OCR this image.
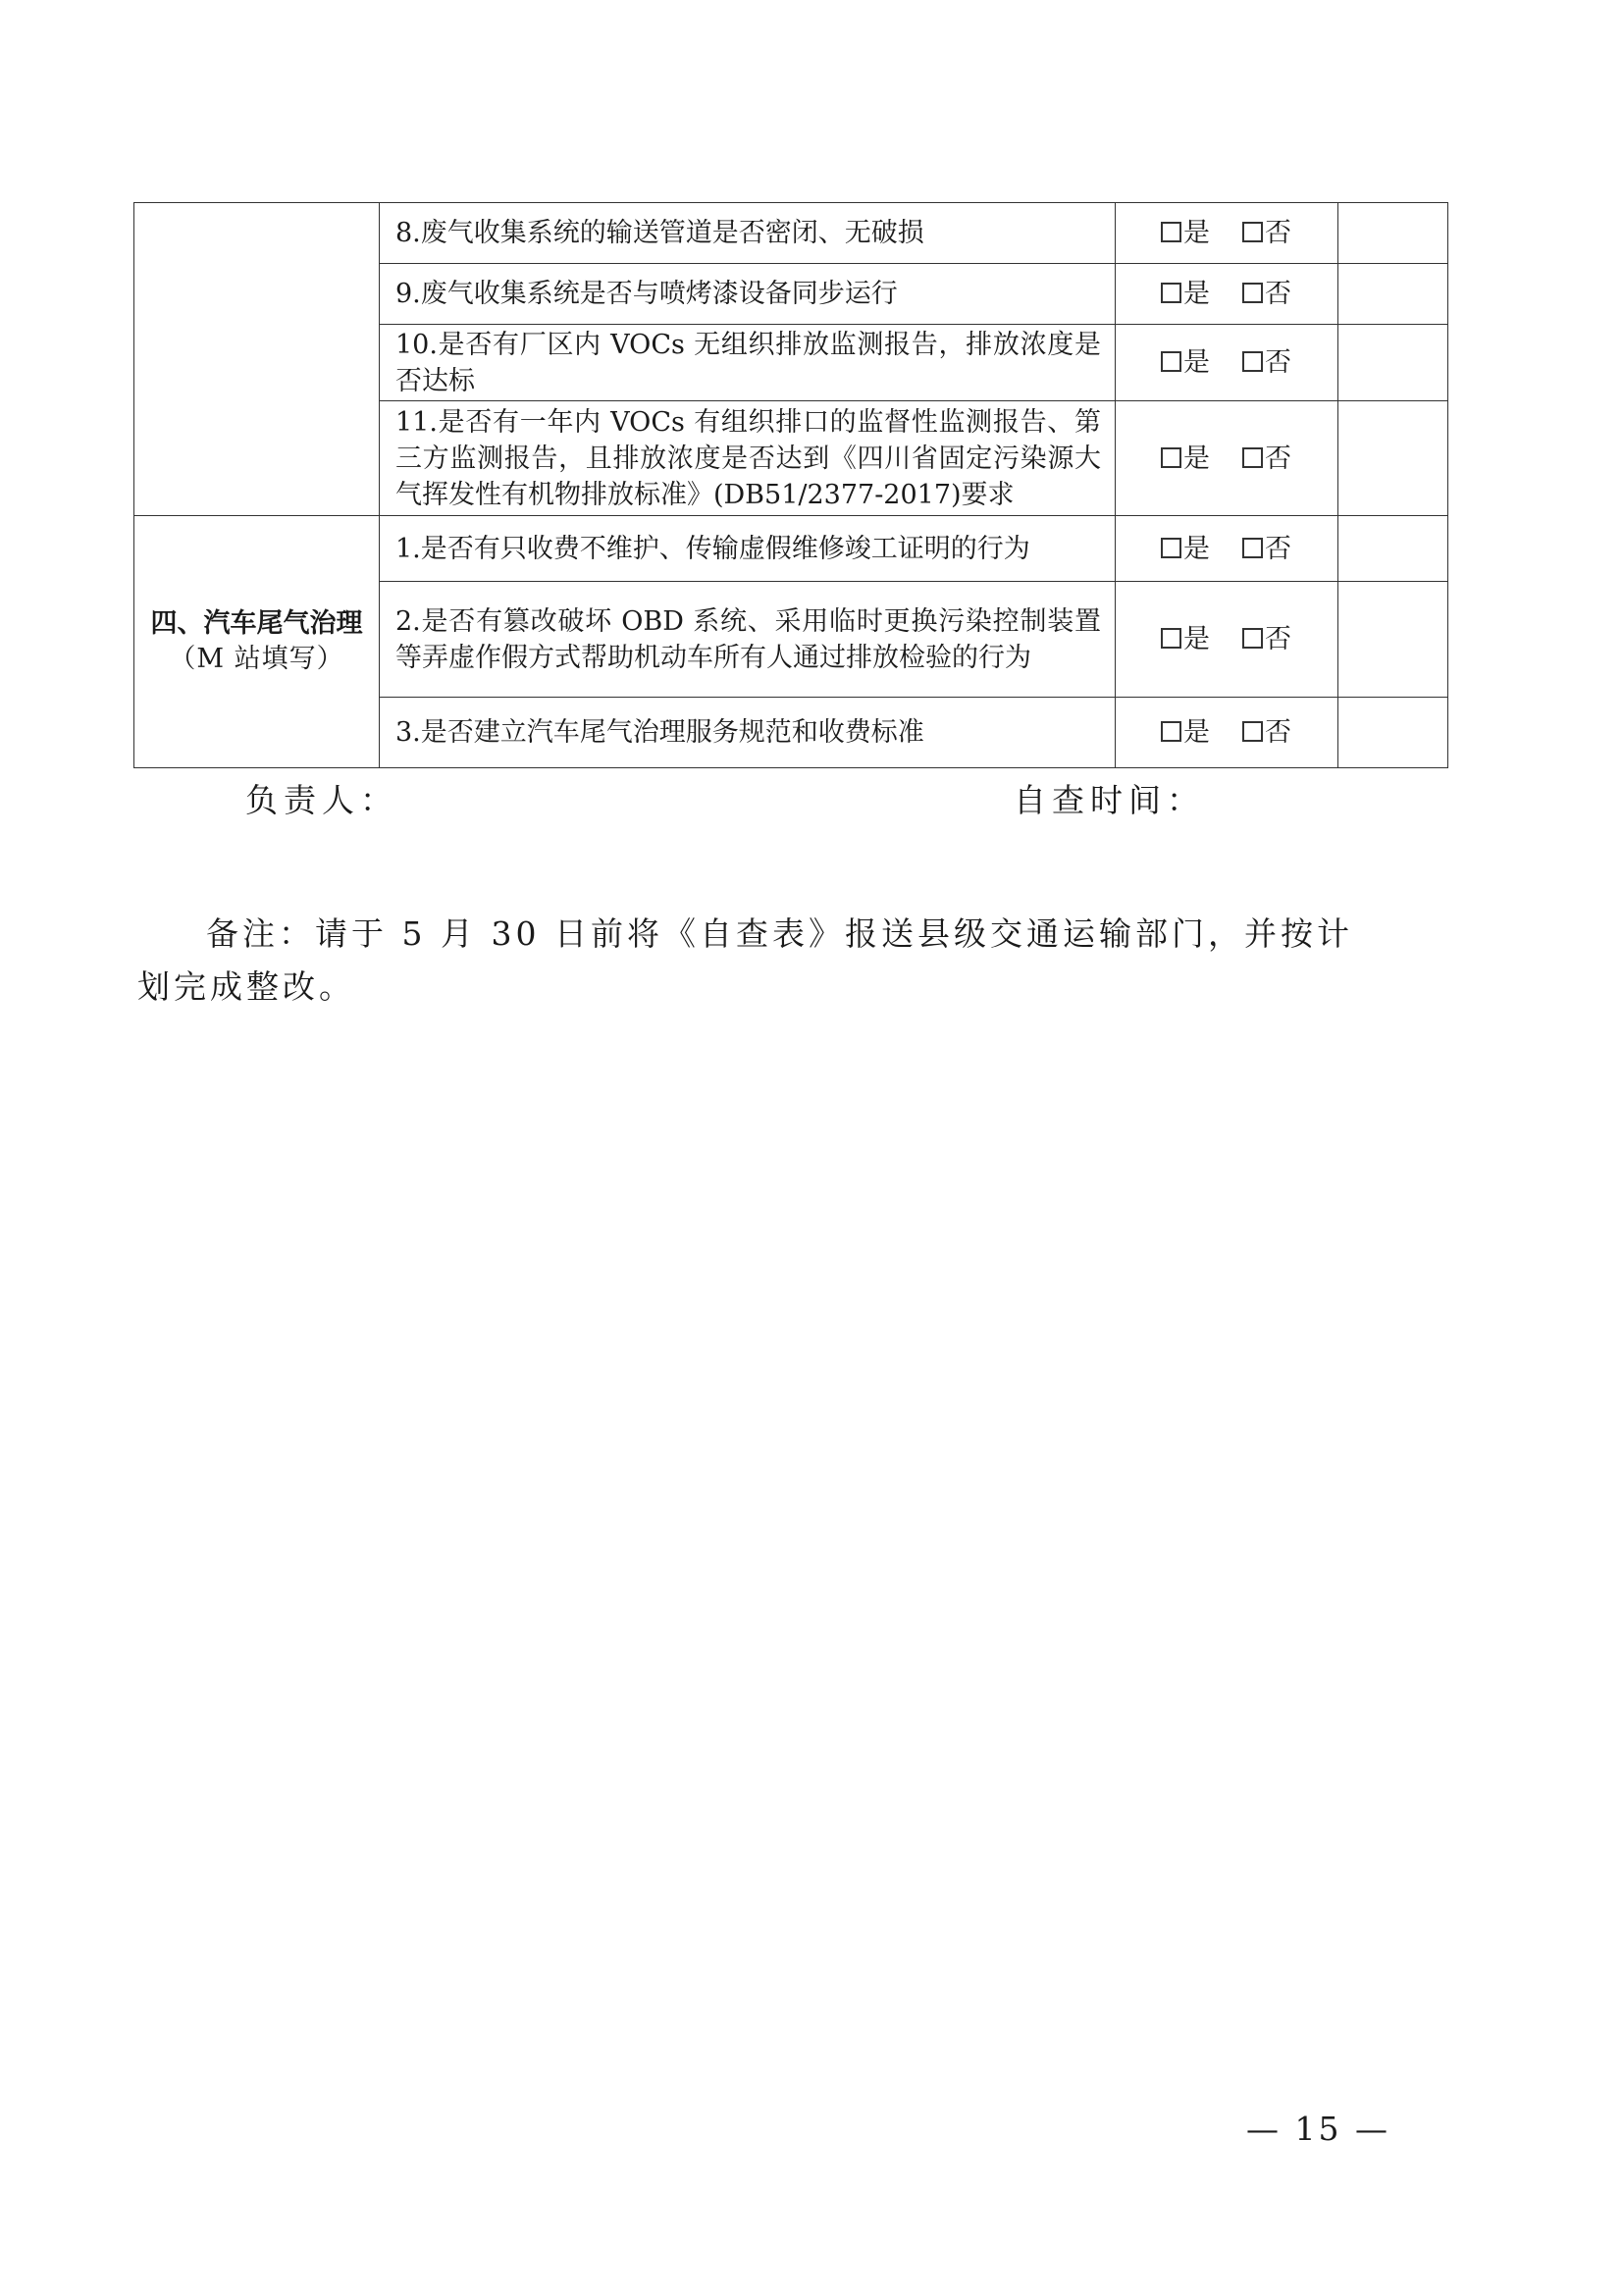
	8.废气收集系统的输送管道是否密闭、无破损	是 否	
	9.废气收集系统是否与喷烤漆设备同步运行	是 否	
	10.是否有厂区内 VOCs 无组织排放监测报告，排放浓度是否达标	是 否	
	11.是否有一年内 VOCs 有组织排口的监督性监测报告、第三方监测报告，且排放浓度是否达到《四川省固定污染源大气挥发性有机物排放标准》(DB51/2377-2017)要求	是 否	

四、汽车尾气治理
（M 站填写）	1.是否有只收费不维护、传输虚假维修竣工证明的行为	是 否	
	2.是否有篡改破坏 OBD 系统、采用临时更换污染控制装置等弄虚作假方式帮助机动车所有人通过排放检验的行为	是 否	
	3.是否建立汽车尾气治理服务规范和收费标准	是 否	
负责人：	自查时间：
备注：请于 5 月 30 日前将《自查表》报送县级交通运输部门，并按计
划完成整改。
— 15 —
